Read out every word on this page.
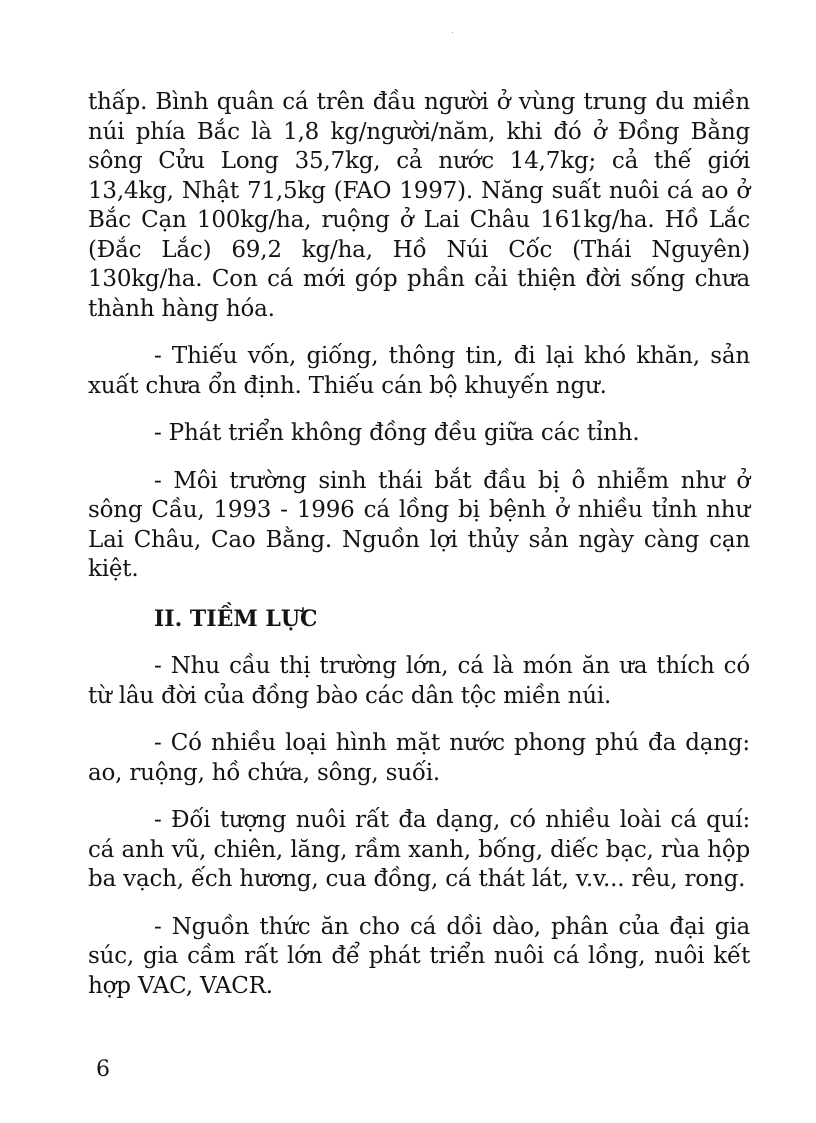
thấp. Bình quân cá trên đầu người ở vùng trung du miền núi phía Bắc là 1,8 kg/người/năm, khi đó ở Đồng Bằng sông Cửu Long 35,7kg, cả nước 14,7kg; cả thế giới 13,4kg, Nhật 71,5kg (FAO 1997). Năng suất nuôi cá ao ở Bắc Cạn 100kg/ha, ruộng ở Lai Châu 161kg/ha. Hồ Lắc (Đắc Lắc) 69,2 kg/ha, Hồ Núi Cốc (Thái Nguyên) 130kg/ha. Con cá mới góp phần cải thiện đời sống chưa thành hàng hóa.

- Thiếu vốn, giống, thông tin, đi lại khó khăn, sản xuất chưa ổn định. Thiếu cán bộ khuyến ngư.

- Phát triển không đồng đều giữa các tỉnh.

- Môi trường sinh thái bắt đầu bị ô nhiễm như ở sông Cầu, 1993 - 1996 cá lồng bị bệnh ở nhiều tỉnh như Lai Châu, Cao Bằng. Nguồn lợi thủy sản ngày càng cạn kiệt.

II. TIỀM LỰC

- Nhu cầu thị trường lớn, cá là món ăn ưa thích có từ lâu đời của đồng bào các dân tộc miền núi.

- Có nhiều loại hình mặt nước phong phú đa dạng: ao, ruộng, hồ chứa, sông, suối.

- Đối tượng nuôi rất đa dạng, có nhiều loài cá quí: cá anh vũ, chiên, lăng, rầm xanh, bống, diếc bạc, rùa hộp ba vạch, ếch hương, cua đồng, cá thát lát, v.v... rêu, rong.

- Nguồn thức ăn cho cá dồi dào, phân của đại gia súc, gia cầm rất lớn để phát triển nuôi cá lồng, nuôi kết hợp VAC, VACR.

6
